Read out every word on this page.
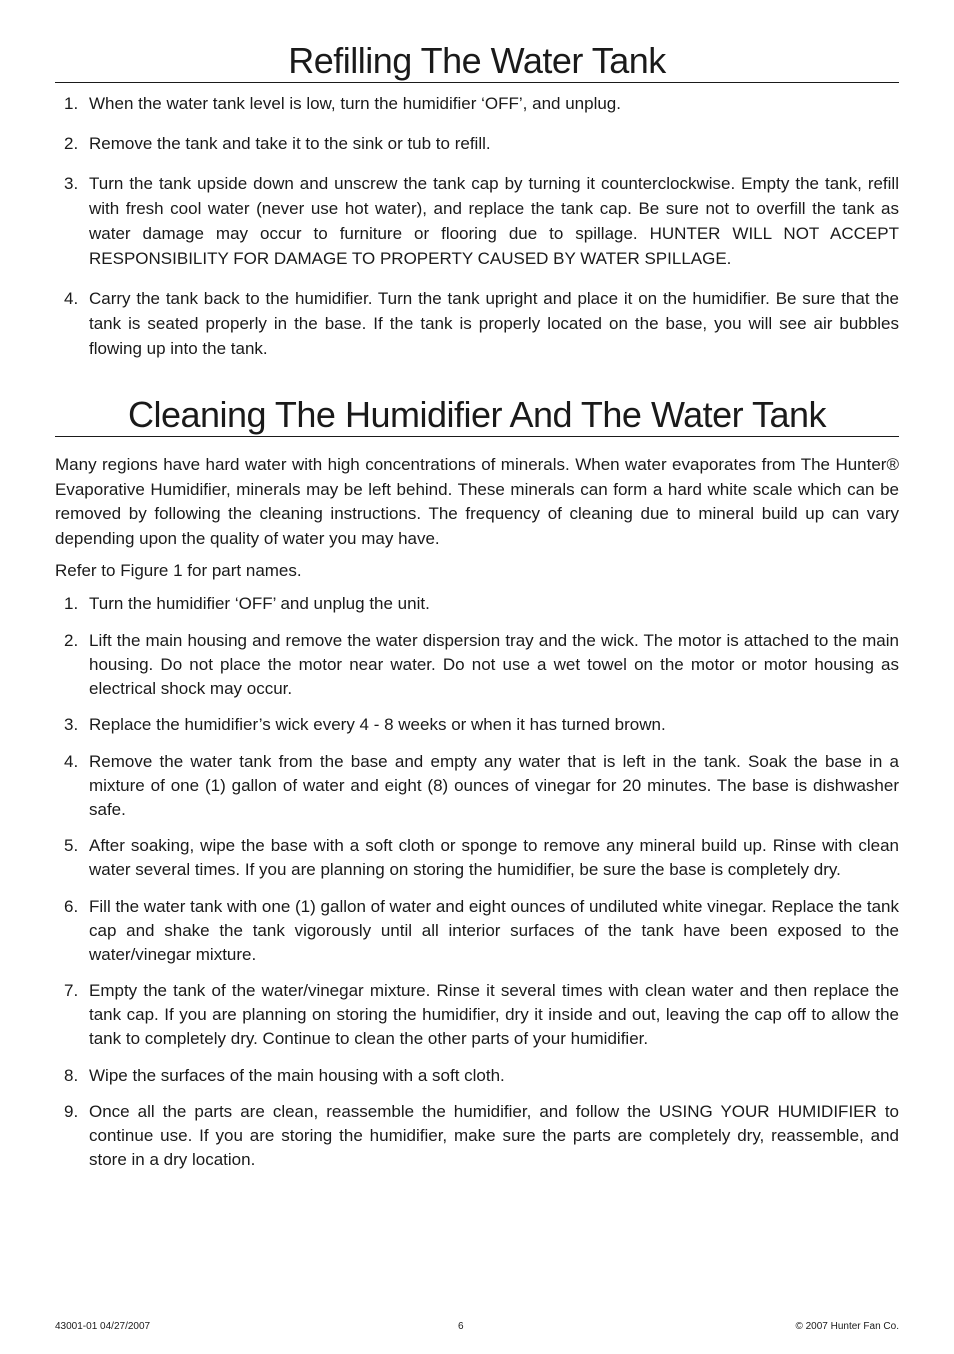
Refilling The Water Tank
1. When the water tank level is low, turn the humidifier ‘OFF’, and unplug.
2. Remove the tank and take it to the sink or tub to refill.
3. Turn the tank upside down and unscrew the tank cap by turning it counterclockwise. Empty the tank, refill with fresh cool water (never use hot water), and replace the tank cap. Be sure not to overfill the tank as water damage may occur to furniture or flooring due to spillage. HUNTER WILL NOT ACCEPT RESPONSIBILITY FOR DAMAGE TO PROPERTY CAUSED BY WATER SPILLAGE.
4. Carry the tank back to the humidifier. Turn the tank upright and place it on the humidifier. Be sure that the tank is seated properly in the base. If the tank is properly located on the base, you will see air bubbles flowing up into the tank.
Cleaning The Humidifier And The Water Tank

Many regions have hard water with high concentrations of minerals. When water evaporates from The Hunter® Evaporative Humidifier, minerals may be left behind. These minerals can form a hard white scale which can be removed by following the cleaning instructions. The frequency of cleaning due to mineral build up can vary depending upon the quality of water you may have.

Refer to Figure 1 for part names.

1. Turn the humidifier ‘OFF’ and unplug the unit.
2. Lift the main housing and remove the water dispersion tray and the wick. The motor is attached to the main housing. Do not place the motor near water. Do not use a wet towel on the motor or motor housing as electrical shock may occur.
3. Replace the humidifier’s wick every 4 - 8 weeks or when it has turned brown.
4. Remove the water tank from the base and empty any water that is left in the tank. Soak the base in a mixture of one (1) gallon of water and eight (8) ounces of vinegar for 20 minutes. The base is dishwasher safe.
5. After soaking, wipe the base with a soft cloth or sponge to remove any mineral build up. Rinse with clean water several times. If you are planning on storing the humidifier, be sure the base is completely dry.
6. Fill the water tank with one (1) gallon of water and eight ounces of undiluted white vinegar. Replace the tank cap and shake the tank vigorously until all interior surfaces of the tank have been exposed to the water/vinegar mixture.
7. Empty the tank of the water/vinegar mixture. Rinse it several times with clean water and then replace the tank cap. If you are planning on storing the humidifier, dry it inside and out, leaving the cap off to allow the tank to completely dry. Continue to clean the other parts of your humidifier.
8. Wipe the surfaces of the main housing with a soft cloth.
9. Once all the parts are clean, reassemble the humidifier, and follow the USING YOUR HUMIDIFIER to continue use. If you are storing the humidifier, make sure the parts are completely dry, reassemble, and store in a dry location.
43001-01 04/27/2007	6	© 2007 Hunter Fan Co.
